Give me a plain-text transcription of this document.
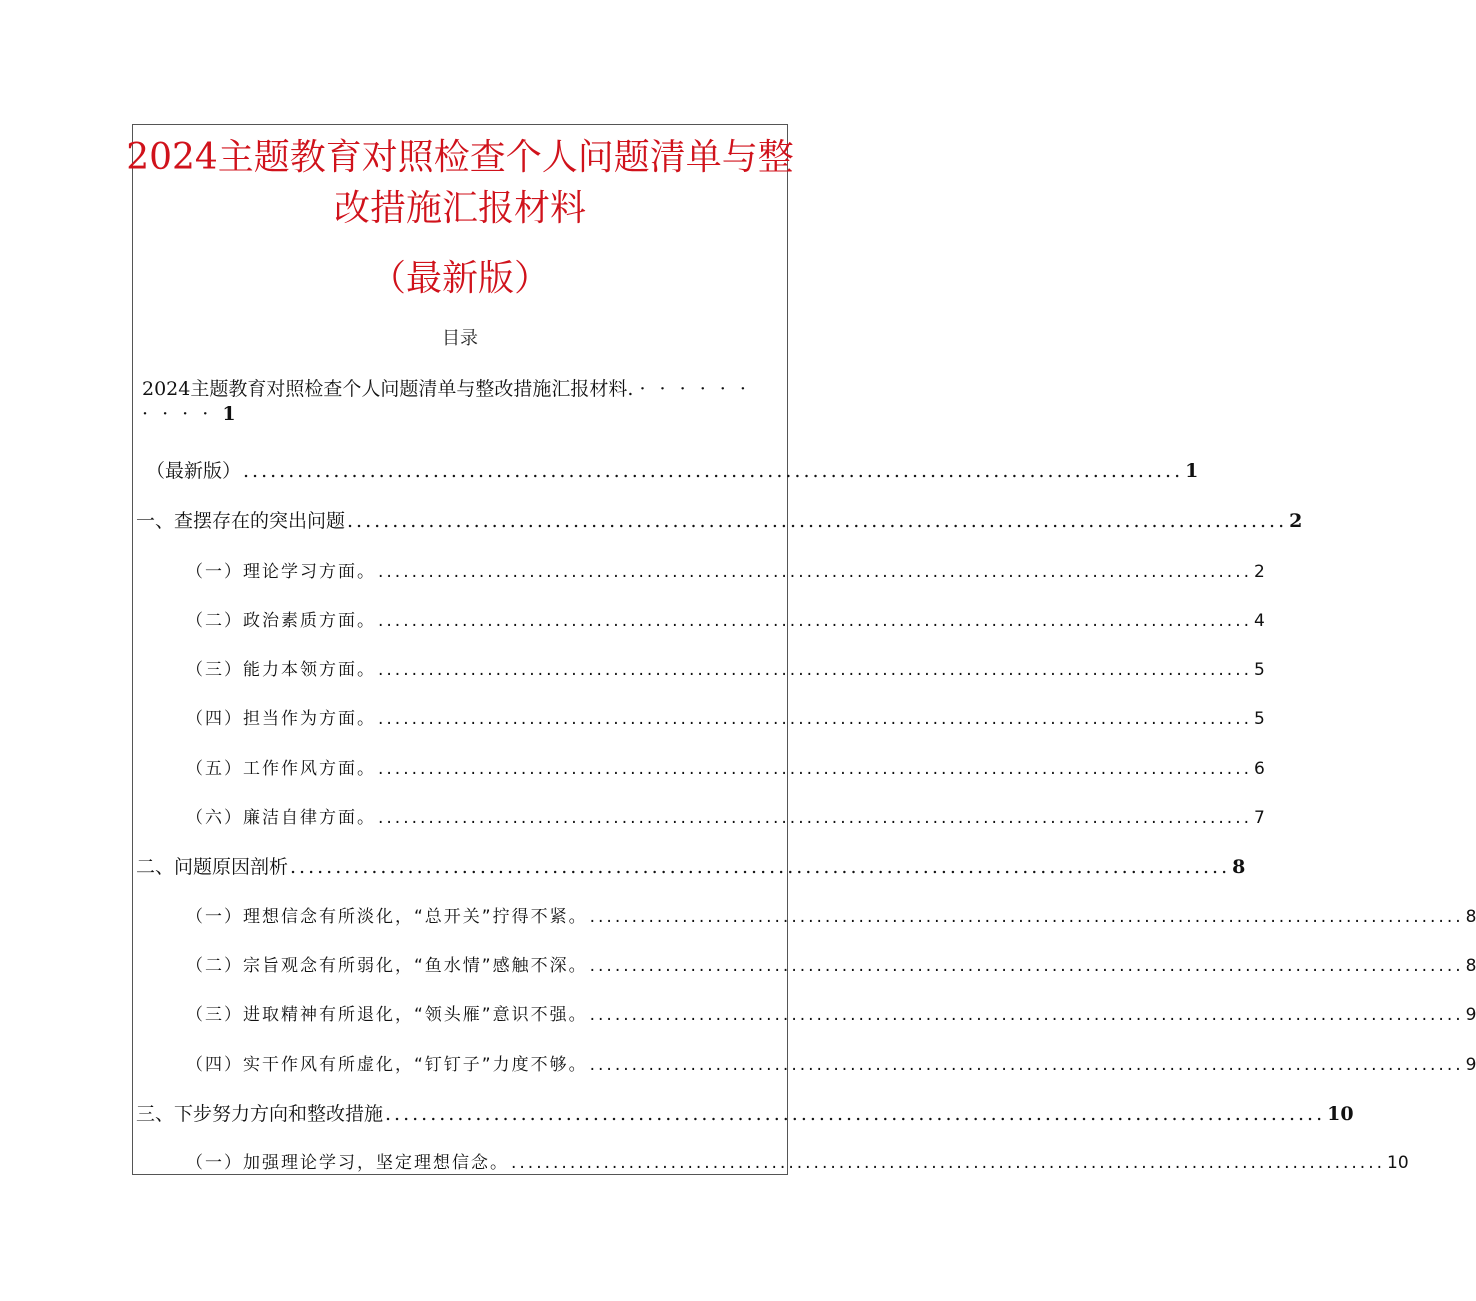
2024主题教育对照检查个人问题清单与整
改措施汇报材料
（最新版）
目录
2024主题教育对照检查个人问题清单与整改措施汇报材料. · · · · · ·
· · · · 1
（最新版） ........................................................................................................ 1
一、查摆存在的突出问题 ........................................................................................................ 2
（一）理论学习方面。 ........................................................................................................ 2
（二）政治素质方面。 ........................................................................................................ 4
（三）能力本领方面。 ........................................................................................................ 5
（四）担当作为方面。 ........................................................................................................ 5
（五）工作作风方面。 ........................................................................................................ 6
（六）廉洁自律方面。 ........................................................................................................ 7
二、问题原因剖析 ........................................................................................................ 8
（一）理想信念有所淡化，“总开关”拧得不紧。 ........................................................................................................ 8
（二）宗旨观念有所弱化，“鱼水情”感触不深。 ........................................................................................................ 8
（三）进取精神有所退化，“领头雁”意识不强。 ........................................................................................................ 9
（四）实干作风有所虚化，“钉钉子”力度不够。 ........................................................................................................ 9
三、下步努力方向和整改措施 ........................................................................................................ 10
（一）加强理论学习，坚定理想信念。 ........................................................................................................ 10
